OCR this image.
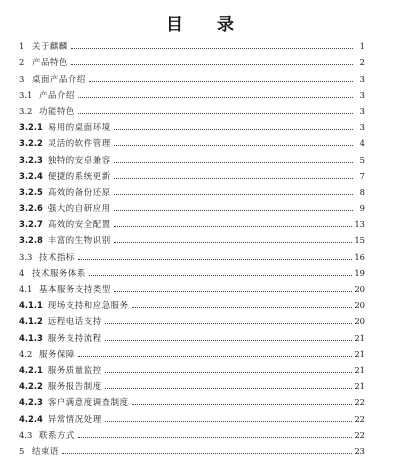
目 录
1 关于麒麟	1
2 产品特色	2
3 桌面产品介绍	3
3.1 产品介绍	3
3.2 功能特色	3
3.2.1 易用的桌面环境	3
3.2.2 灵活的软件管理	4
3.2.3 独特的安卓兼容	5
3.2.4 便捷的系统更新	7
3.2.5 高效的备份还原	8
3.2.6 强大的自研应用	9
3.2.7 高效的安全配置	13
3.2.8 丰富的生物识别	15
3.3 技术指标	16
4 技术服务体系	19
4.1 基本服务支持类型	20
4.1.1 现场支持和应急服务	20
4.1.2 远程电话支持	20
4.1.3 服务支持流程	21
4.2 服务保障	21
4.2.1 服务质量监控	21
4.2.2 服务报告制度	21
4.2.3 客户满意度调查制度	22
4.2.4 异常情况处理	22
4.3 联系方式	22
5 结束语	23
